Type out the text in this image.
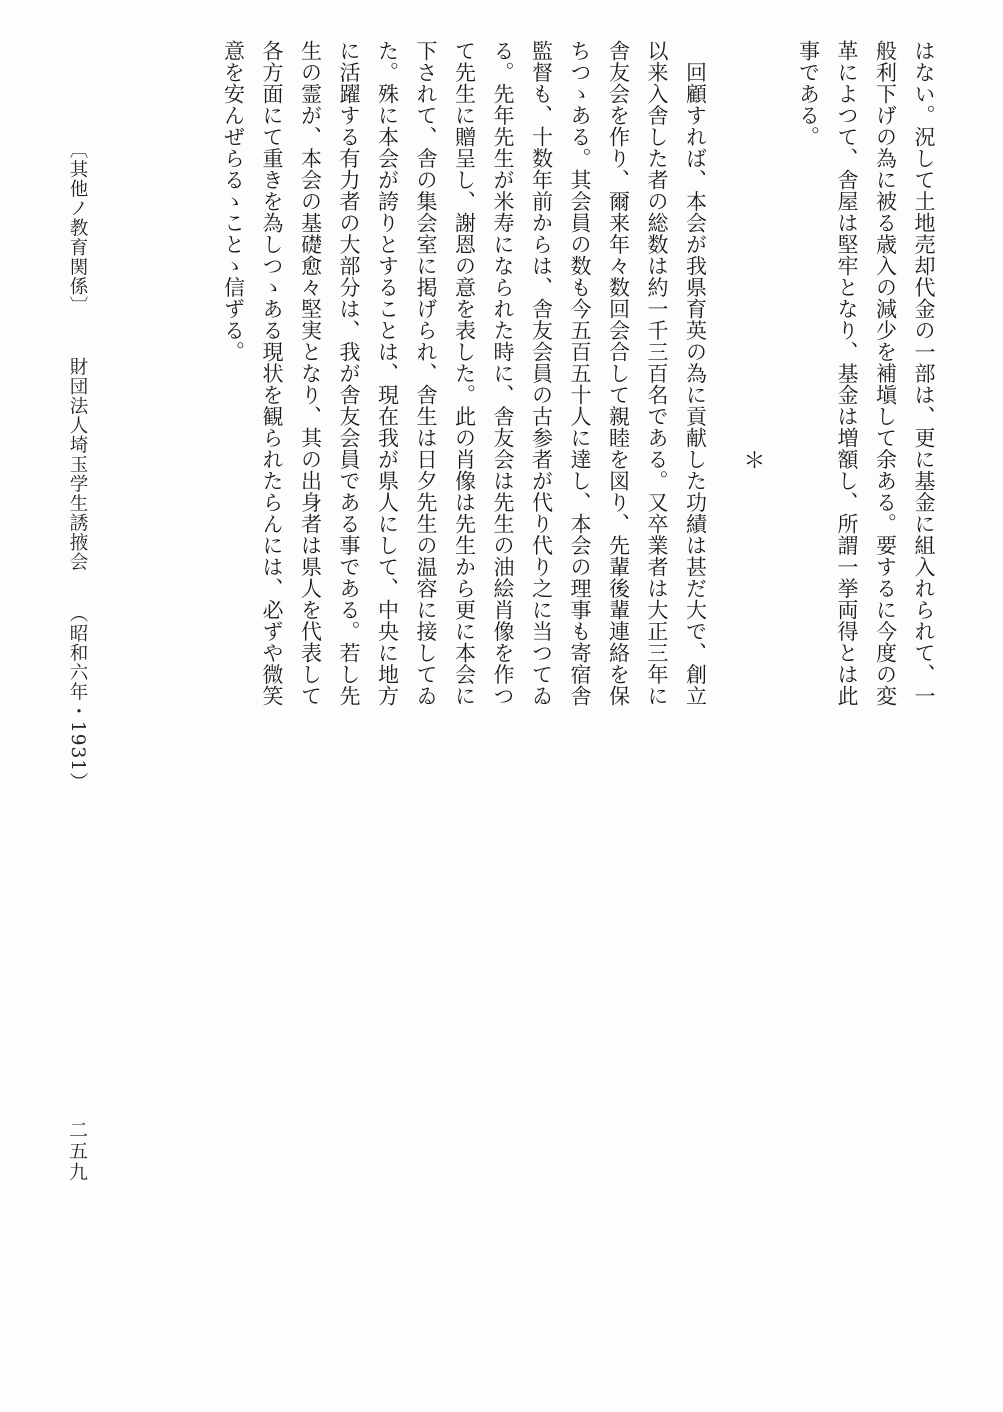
はない。況して土地売却代金の一部は、更に基金に組入れられて、一
般利下げの為に被る歳入の減少を補塡して余ある。要するに今度の変
革によつて、舎屋は堅牢となり、基金は増額し、所謂一挙両得とは此
事である。
＊
　回顧すれば、本会が我県育英の為に貢献した功績は甚だ大で、創立
以来入舎した者の総数は約一千三百名である。又卒業者は大正三年に
舎友会を作り、爾来年々数回会合して親睦を図り、先輩後輩連絡を保
ちつゝある。其会員の数も今五百五十人に達し、本会の理事も寄宿舎
監督も、十数年前からは、舎友会員の古参者が代り代り之に当つてゐ
る。先年先生が米寿になられた時に、舎友会は先生の油絵肖像を作つ
て先生に贈呈し、謝恩の意を表した。此の肖像は先生から更に本会に
下されて、舎の集会室に掲げられ、舎生は日夕先生の温容に接してゐ
た。殊に本会が誇りとすることは、現在我が県人にして、中央に地方
に活躍する有力者の大部分は、我が舎友会員である事である。若し先
生の霊が、本会の基礎愈々堅実となり、其の出身者は県人を代表して
各方面にて重きを為しつゝある現状を観られたらんには、必ずや微笑
意を安んぜらるゝことゝ信ずる。
〔其他ノ教育関係〕  財団法人埼玉学生誘掖会  （昭和六年・1931）
二五九
